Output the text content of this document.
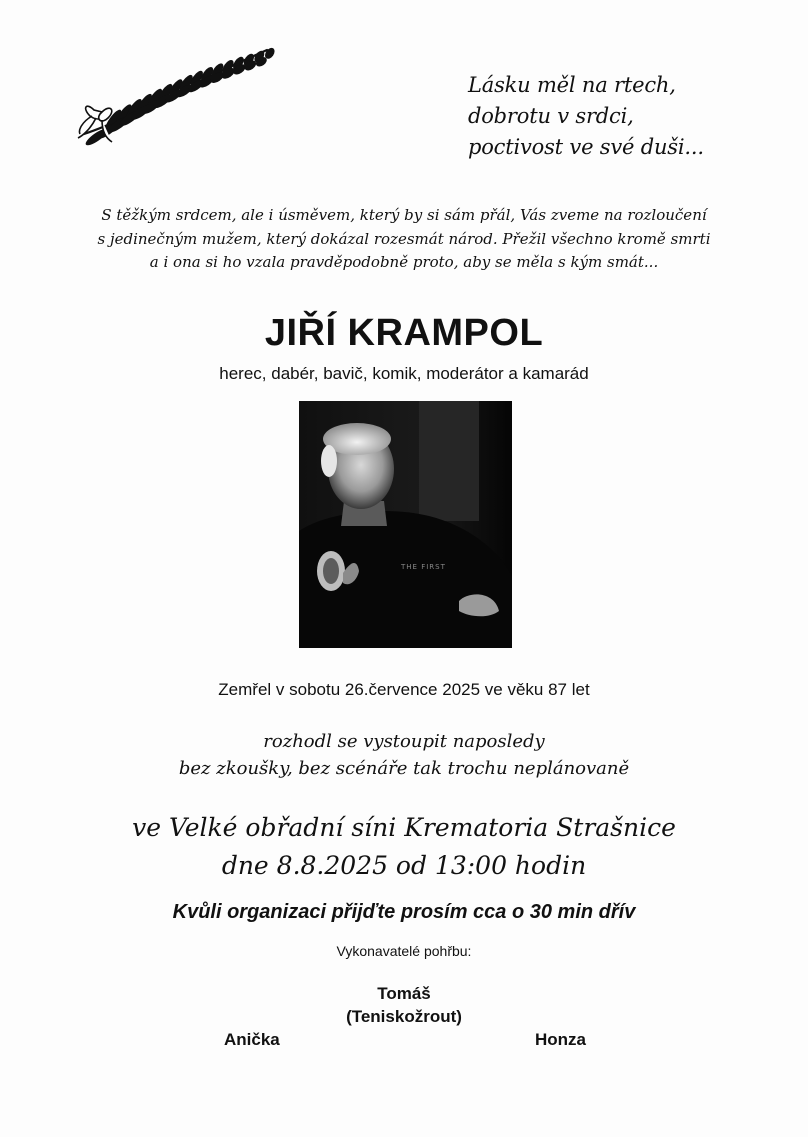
Lásku měl na rtech,
dobrotu v srdci,
poctivost ve své duši...
S těžkým srdcem, ale i úsměvem, který by si sám přál, Vás zveme na rozloučení
s jedinečným mužem, který dokázal rozesmát národ. Přežil všechno kromě smrti
a i ona si ho vzala pravděpodobně proto, aby se měla s kým smát...
JIŘÍ KRAMPOL
herec, dabér, bavič, komik, moderátor a kamarád
THE FIRST
Zemřel v sobotu 26.července 2025 ve věku 87 let
rozhodl se vystoupit naposledy
bez zkoušky, bez scénáře tak trochu neplánovaně
ve Velké obřadní síni Krematoria Strašnice
dne 8.8.2025 od 13:00 hodin
Kvůli organizaci přijďte prosím cca o 30 min dřív
Vykonavatelé pohřbu:
Tomáš
(Teniskožrout)
Anička	Honza
